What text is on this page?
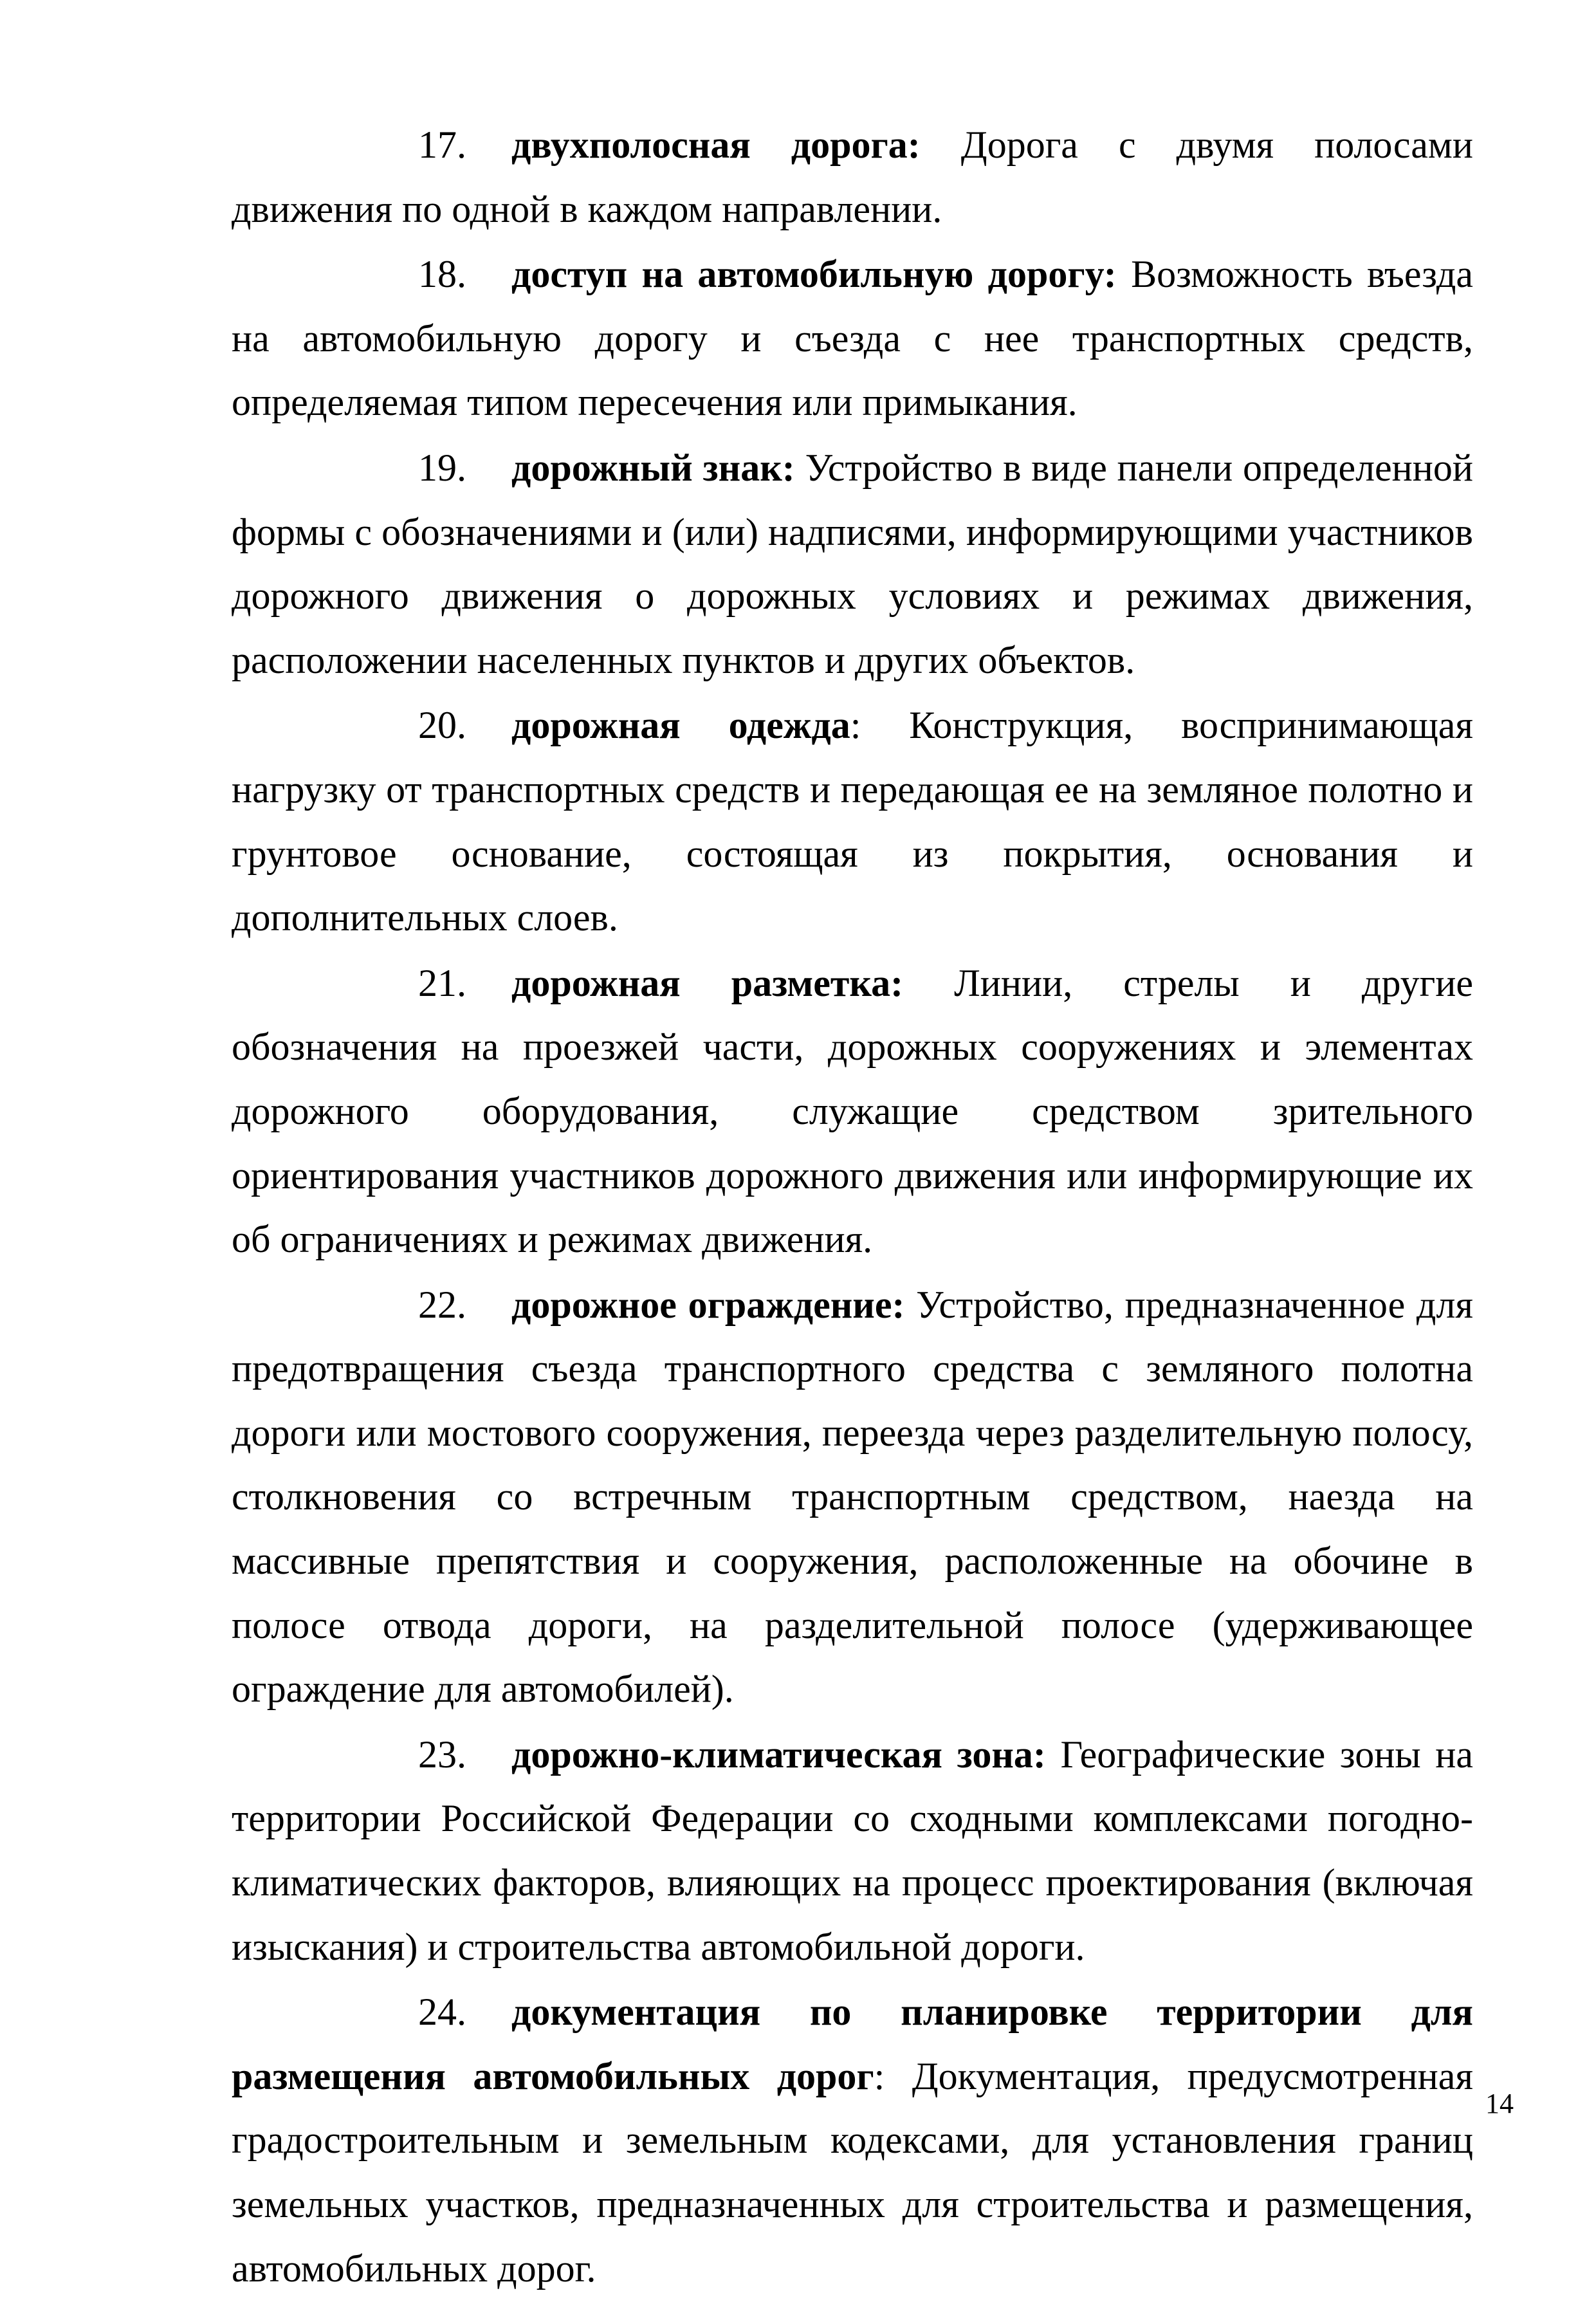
17. двухполосная дорога: Дорога с двумя полосами движения по одной в каждом направлении.

18. доступ на автомобильную дорогу: Возможность въезда на автомобильную дорогу и съезда с нее транспортных средств, определяемая типом пересечения или примыкания.

19. дорожный знак: Устройство в виде панели определенной формы с обозначениями и (или) надписями, информирующими участников дорожного движения о дорожных условиях и режимах движения, расположении населенных пунктов и других объектов.

20. дорожная одежда: Конструкция, воспринимающая нагрузку от транспортных средств и передающая ее на земляное полотно и грунтовое основание, состоящая из покрытия, основания и дополнительных слоев.

21. дорожная разметка: Линии, стрелы и другие обозначения на проезжей части, дорожных сооружениях и элементах дорожного оборудования, служащие средством зрительного ориентирования участников дорожного движения или информирующие их об ограничениях и режимах движения.

22. дорожное ограждение: Устройство, предназначенное для предотвращения съезда транспортного средства с земляного полотна дороги или мостового сооружения, переезда через разделительную полосу, столкновения со встречным транспортным средством, наезда на массивные препятствия и сооружения, расположенные на обочине в полосе отвода дороги, на разделительной полосе (удерживающее ограждение для автомобилей).

23. дорожно-климатическая зона: Географические зоны на территории Российской Федерации со сходными комплексами погодно-климатических факторов, влияющих на процесс проектирования (включая изыскания) и строительства автомобильной дороги.

24. документация по планировке территории для размещения автомобильных дорог: Документация, предусмотренная градостроительным и земельным кодексами, для установления границ земельных участков, предназначенных для строительства и размещения, автомобильных дорог.

14
